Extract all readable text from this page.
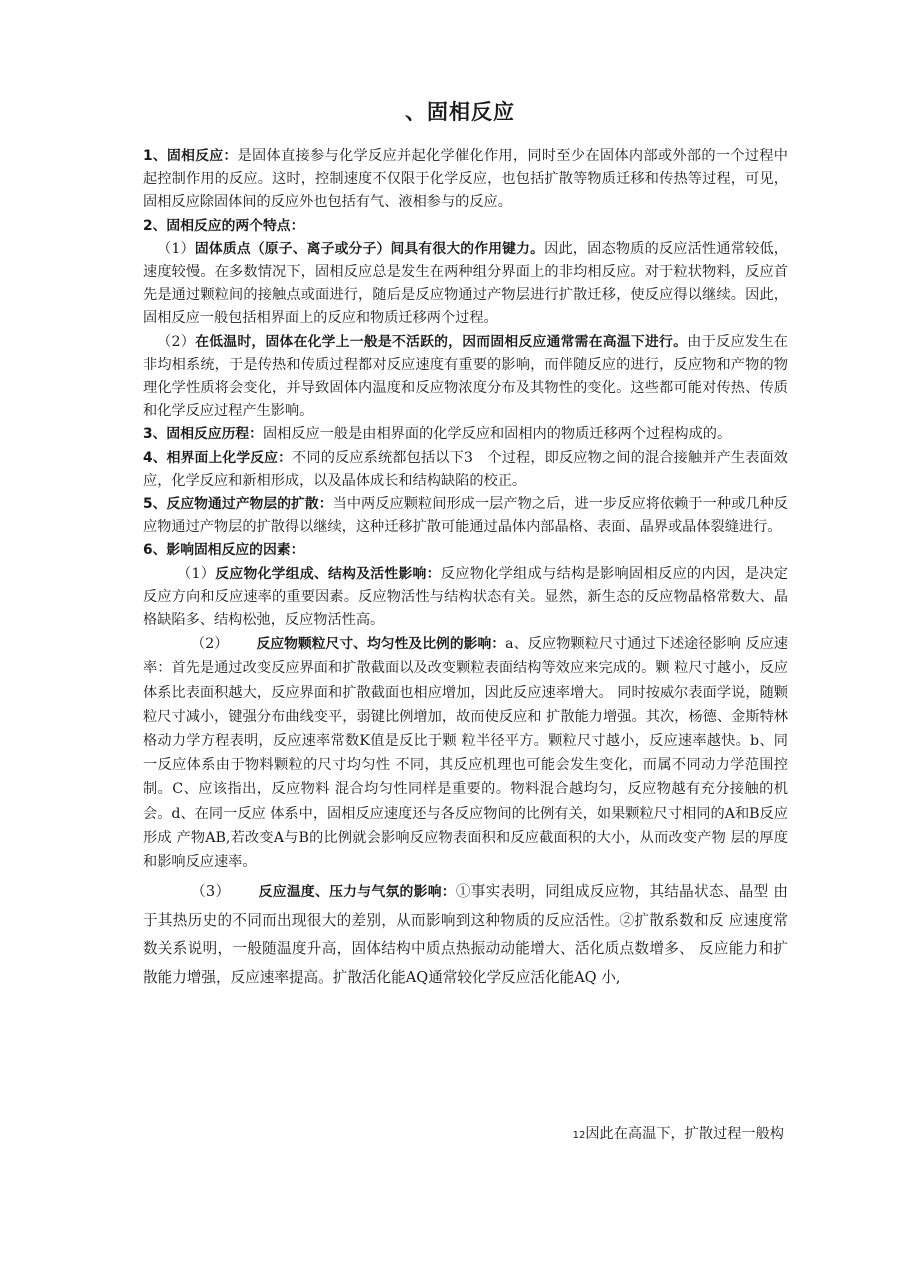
、固相反应

1、固相反应：是固体直接参与化学反应并起化学催化作用，同时至少在固体内部或外部的一个过程中起控制作用的反应。这时，控制速度不仅限于化学反应，也包括扩散等物质迁移和传热等过程，可见，固相反应除固体间的反应外也包括有气、液相参与的反应。

2、固相反应的两个特点：

（1）固体质点（原子、离子或分子）间具有很大的作用键力。因此，固态物质的反应活性通常较低，速度较慢。在多数情况下，固相反应总是发生在两种组分界面上的非均相反应。对于粒状物料，反应首先是通过颗粒间的接触点或面进行，随后是反应物通过产物层进行扩散迁移，使反应得以继续。因此，固相反应一般包括相界面上的反应和物质迁移两个过程。

（2）在低温时，固体在化学上一般是不活跃的，因而固相反应通常需在高温下进行。由于反应发生在非均相系统，于是传热和传质过程都对反应速度有重要的影响，而伴随反应的进行，反应物和产物的物理化学性质将会变化，并导致固体内温度和反应物浓度分布及其物性的变化。这些都可能对传热、传质和化学反应过程产生影响。

3、固相反应历程：固相反应一般是由相界面的化学反应和固相内的物质迁移两个过程构成的。

4、相界面上化学反应：不同的反应系统都包括以下3　个过程，即反应物之间的混合接触并产生表面效应，化学反应和新相形成，以及晶体成长和结构缺陷的校正。

5、反应物通过产物层的扩散：当中两反应颗粒间形成一层产物之后，进一步反应将依赖于一种或几种反应物通过产物层的扩散得以继续，这种迁移扩散可能通过晶体内部晶格、表面、晶界或晶体裂缝进行。

6、影响固相反应的因素：

（1）反应物化学组成、结构及活性影响：反应物化学组成与结构是影响固相反应的内因，是决定反应方向和反应速率的重要因素。反应物活性与结构状态有关。显然，新生态的反应物晶格常数大、晶格缺陷多、结构松弛，反应物活性高。

（2） 反应物颗粒尺寸、均匀性及比例的影响：a、反应物颗粒尺寸通过下述途径影响 反应速率：首先是通过改变反应界面和扩散截面以及改变颗粒表面结构等效应来完成的。颗 粒尺寸越小，反应体系比表面积越大，反应界面和扩散截面也相应增加，因此反应速率增大。 同时按威尔表面学说，随颗粒尺寸减小，键强分布曲线变平，弱键比例增加，故而使反应和 扩散能力增强。其次，杨德、金斯特林格动力学方程表明，反应速率常数K值是反比于颗 粒半径平方。颗粒尺寸越小，反应速率越快。b、同一反应体系由于物料颗粒的尺寸均匀性 不同，其反应机理也可能会发生变化，而属不同动力学范围控制。C、应该指出，反应物料 混合均匀性同样是重要的。物料混合越均匀，反应物越有充分接触的机会。d、在同一反应 体系中，固相反应速度还与各反应物间的比例有关，如果颗粒尺寸相同的A和B反应形成 产物AB,若改变A与B的比例就会影响反应物表面积和反应截面积的大小，从而改变产物 层的厚度和影响反应速率。

（3） 反应温度、压力与气氛的影响：①事实表明，同组成反应物，其结晶状态、晶型 由于其热历史的不同而出现很大的差别，从而影响到这种物质的反应活性。②扩散系数和反 应速度常数关系说明，一般随温度升高，固体结构中质点热振动动能增大、活化质点数增多、 反应能力和扩散能力增强，反应速率提高。扩散活化能AQ通常较化学反应活化能AQ 小,

12因此在高温下，扩散过程一般构
